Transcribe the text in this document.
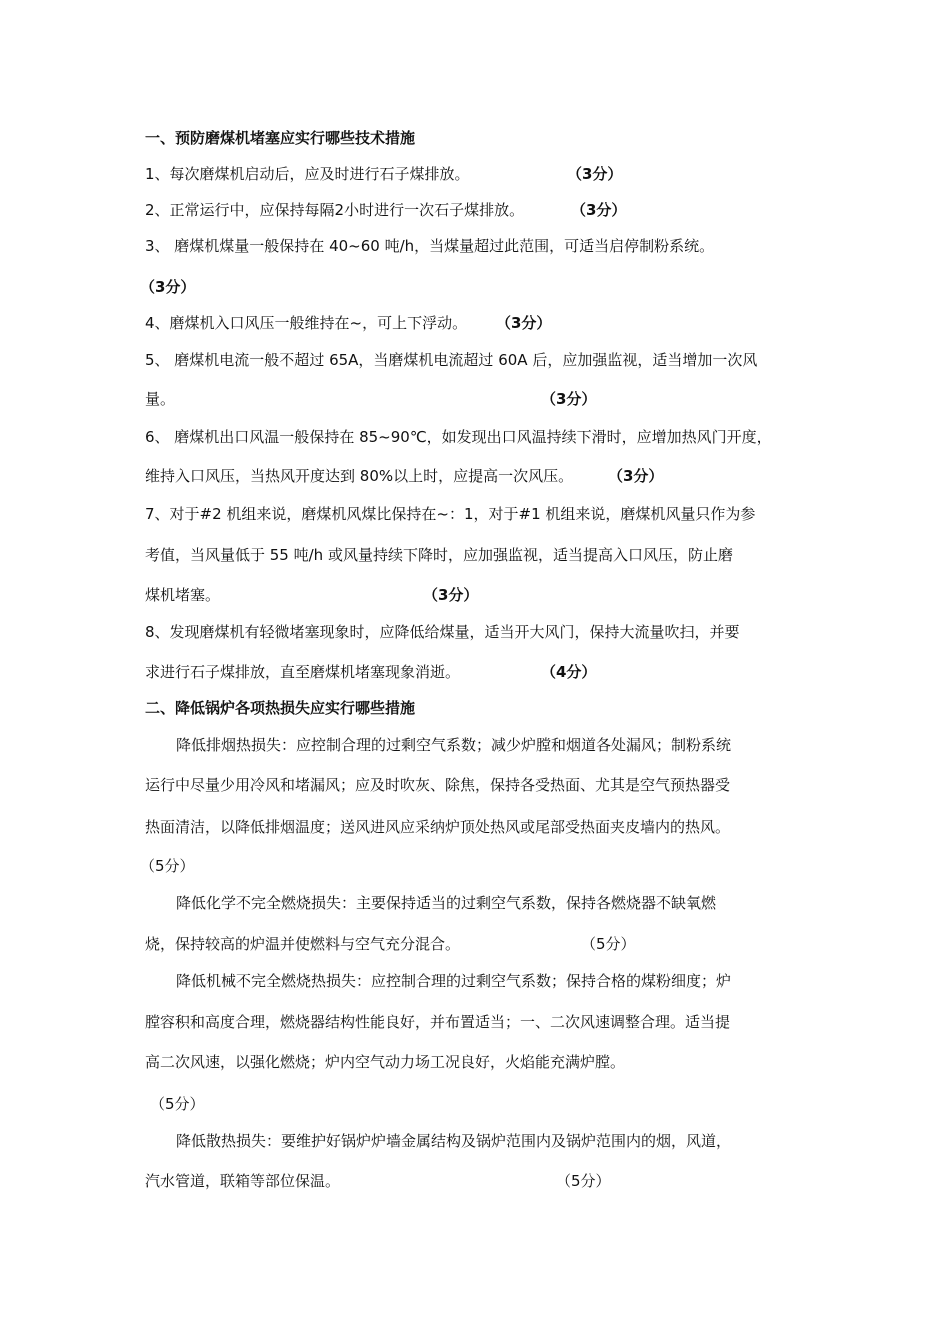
一、预防磨煤机堵塞应实行哪些技术措施
1、每次磨煤机启动后，应及时进行石子煤排放。	（3分）
2、正常运行中，应保持每隔2小时进行一次石子煤排放。	（3分）
3、 磨煤机煤量一般保持在 40~60 吨/h，当煤量超过此范围，可适当启停制粉系统。
（3分）
4、磨煤机入口风压一般维持在~，可上下浮动。 （3分）
5、 磨煤机电流一般不超过 65A，当磨煤机电流超过 60A 后，应加强监视，适当增加一次风
量。	（3分）
6、 磨煤机出口风温一般保持在 85~90℃，如发现出口风温持续下滑时，应增加热风门开度，
维持入口风压，当热风开度达到 80%以上时，应提高一次风压。 （3分）
7、对于#2 机组来说，磨煤机风煤比保持在~：1，对于#1 机组来说，磨煤机风量只作为参
考值，当风量低于 55 吨/h 或风量持续下降时，应加强监视，适当提高入口风压，防止磨
煤机堵塞。	（3分）
8、发现磨煤机有轻微堵塞现象时，应降低给煤量，适当开大风门，保持大流量吹扫，并要
求进行石子煤排放，直至磨煤机堵塞现象消逝。	（4分）
二、降低锅炉各项热损失应实行哪些措施
降低排烟热损失：应控制合理的过剩空气系数；减少炉膛和烟道各处漏风；制粉系统
运行中尽量少用冷风和堵漏风；应及时吹灰、除焦，保持各受热面、尤其是空气预热器受
热面清洁，以降低排烟温度；送风进风应采纳炉顶处热风或尾部受热面夹皮墙内的热风。
（5分）
降低化学不完全燃烧损失：主要保持适当的过剩空气系数，保持各燃烧器不缺氧燃
烧，保持较高的炉温并使燃料与空气充分混合。	（5分）
降低机械不完全燃烧热损失：应控制合理的过剩空气系数；保持合格的煤粉细度；炉
膛容积和高度合理，燃烧器结构性能良好，并布置适当；一、二次风速调整合理。适当提
高二次风速，以强化燃烧；炉内空气动力场工况良好，火焰能充满炉膛。
（5分）
降低散热损失：要维护好锅炉炉墙金属结构及锅炉范围内及锅炉范围内的烟，风道，
汽水管道，联箱等部位保温。	（5分）
